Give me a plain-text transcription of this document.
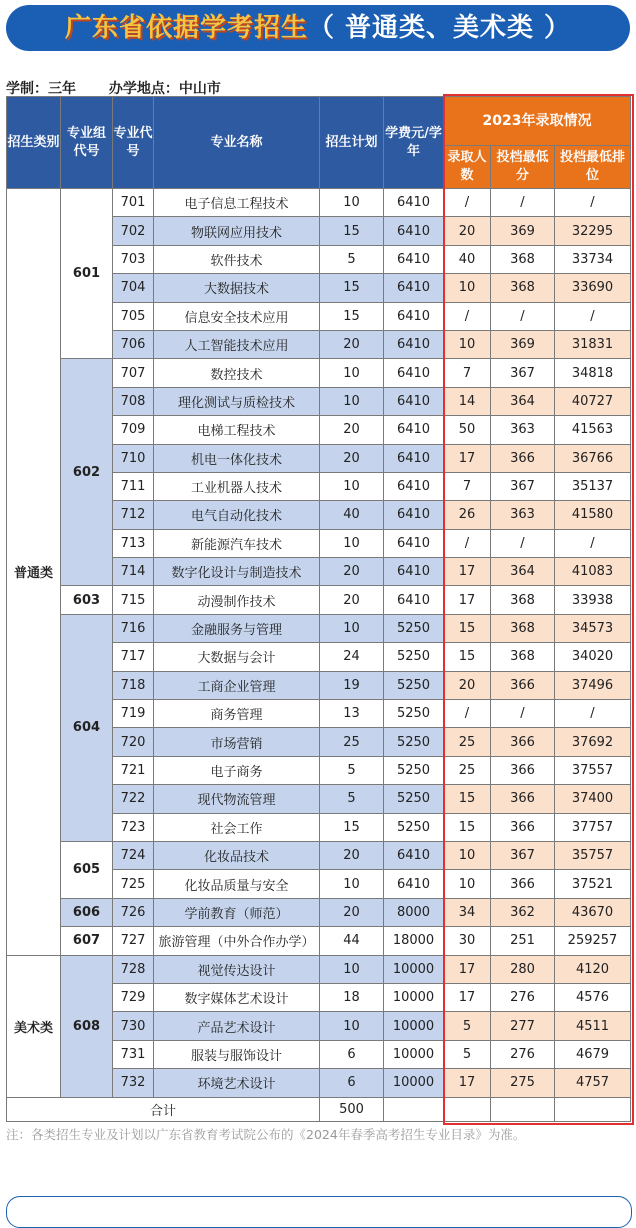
广东省依据学考招生（ 普通类、美术类 ）
学制：三年 办学地点：中山市
招生类别	专业组代号	专业代号	专业名称	招生计划	学费元/学年	2023年录取情况		
						录取人数	投档最低分	投档最低排位
普通类	601	701	电子信息工程技术	10	6410	/	/	/
		702	物联网应用技术	15	6410	20	369	32295
		703	软件技术	5	6410	40	368	33734
		704	大数据技术	15	6410	10	368	33690
		705	信息安全技术应用	15	6410	/	/	/
		706	人工智能技术应用	20	6410	10	369	31831
	602	707	数控技术	10	6410	7	367	34818
		708	理化测试与质检技术	10	6410	14	364	40727
		709	电梯工程技术	20	6410	50	363	41563
		710	机电一体化技术	20	6410	17	366	36766
		711	工业机器人技术	10	6410	7	367	35137
		712	电气自动化技术	40	6410	26	363	41580
		713	新能源汽车技术	10	6410	/	/	/
		714	数字化设计与制造技术	20	6410	17	364	41083
	603	715	动漫制作技术	20	6410	17	368	33938
	604	716	金融服务与管理	10	5250	15	368	34573
		717	大数据与会计	24	5250	15	368	34020
		718	工商企业管理	19	5250	20	366	37496
		719	商务管理	13	5250	/	/	/
		720	市场营销	25	5250	25	366	37692
		721	电子商务	5	5250	25	366	37557
		722	现代物流管理	5	5250	15	366	37400
		723	社会工作	15	5250	15	366	37757
	605	724	化妆品技术	20	6410	10	367	35757
		725	化妆品质量与安全	10	6410	10	366	37521
	606	726	学前教育（师范）	20	8000	34	362	43670
	607	727	旅游管理（中外合作办学）	44	18000	30	251	259257
美术类	608	728	视觉传达设计	10	10000	17	280	4120
		729	数字媒体艺术设计	18	10000	17	276	4576
		730	产品艺术设计	10	10000	5	277	4511
		731	服装与服饰设计	6	10000	5	276	4679
		732	环境艺术设计	6	10000	17	275	4757
合计				500				
注：各类招生专业及计划以广东省教育考试院公布的《2024年春季高考招生专业目录》为准。
